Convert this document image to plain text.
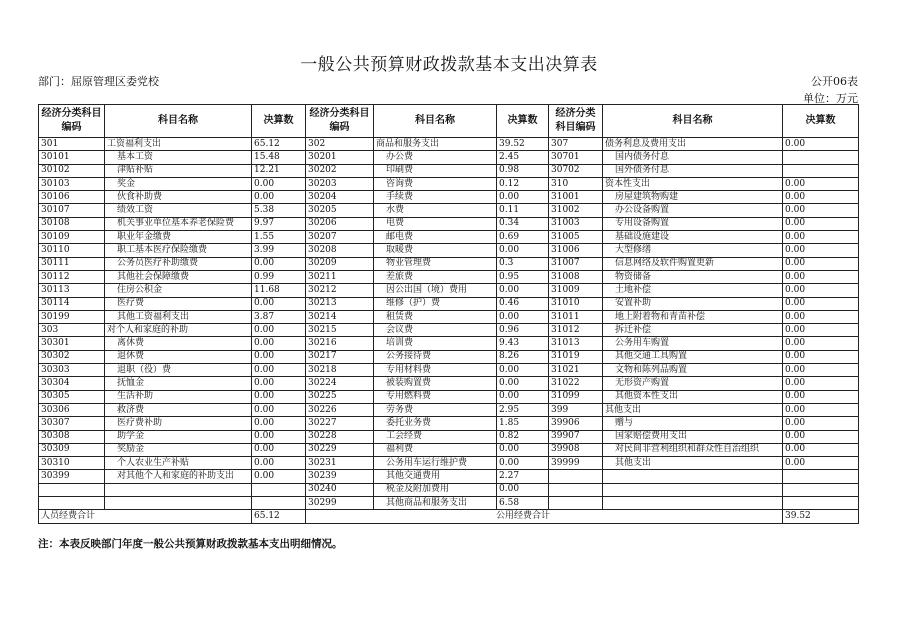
一般公共预算财政拨款基本支出决算表
部门：屈原管理区委党校	公开06表
单位：万元
经济分类科目编码	科目名称	决算数	经济分类科目编码	科目名称	决算数	经济分类科目编码	科目名称	决算数
301	工资福利支出	65.12	302	商品和服务支出	39.52	307	债务利息及费用支出	0.00
30101	基本工资	15.48	30201	办公费	2.45	30701	国内债务付息	
30102	津贴补贴	12.21	30202	印刷费	0.98	30702	国外债务付息	
30103	奖金	0.00	30203	咨询费	0.12	310	资本性支出	0.00
30106	伙食补助费	0.00	30204	手续费	0.00	31001	房屋建筑物购建	0.00
30107	绩效工资	5.38	30205	水费	0.11	31002	办公设备购置	0.00
30108	机关事业单位基本养老保险费	9.97	30206	电费	0.34	31003	专用设备购置	0.00
30109	职业年金缴费	1.55	30207	邮电费	0.69	31005	基础设施建设	0.00
30110	职工基本医疗保险缴费	3.99	30208	取暖费	0.00	31006	大型修缮	0.00
30111	公务员医疗补助缴费	0.00	30209	物业管理费	0.3	31007	信息网络及软件购置更新	0.00
30112	其他社会保障缴费	0.99	30211	差旅费	0.95	31008	物资储备	0.00
30113	住房公积金	11.68	30212	因公出国（境）费用	0.00	31009	土地补偿	0.00
30114	医疗费	0.00	30213	维修（护）费	0.46	31010	安置补助	0.00
30199	其他工资福利支出	3.87	30214	租赁费	0.00	31011	地上附着物和青苗补偿	0.00
303	对个人和家庭的补助	0.00	30215	会议费	0.96	31012	拆迁补偿	0.00
30301	离休费	0.00	30216	培训费	9.43	31013	公务用车购置	0.00
30302	退休费	0.00	30217	公务接待费	8.26	31019	其他交通工具购置	0.00
30303	退职（役）费	0.00	30218	专用材料费	0.00	31021	文物和陈列品购置	0.00
30304	抚恤金	0.00	30224	被装购置费	0.00	31022	无形资产购置	0.00
30305	生活补助	0.00	30225	专用燃料费	0.00	31099	其他资本性支出	0.00
30306	救济费	0.00	30226	劳务费	2.95	399	其他支出	0.00
30307	医疗费补助	0.00	30227	委托业务费	1.85	39906	赠与	0.00
30308	助学金	0.00	30228	工会经费	0.82	39907	国家赔偿费用支出	0.00
30309	奖励金	0.00	30229	福利费	0.00	39908	对民间非营利组织和群众性自治组织	0.00
30310	个人农业生产补贴	0.00	30231	公务用车运行维护费	0.00	39999	其他支出	0.00
30399	对其他个人和家庭的补助支出	0.00	30239	其他交通费用	2.27			
			30240	税金及附加费用	0.00			
			30299	其他商品和服务支出	6.58			
人员经费合计		65.12	公用经费合计					39.52
注：本表反映部门年度一般公共预算财政拨款基本支出明细情况。
